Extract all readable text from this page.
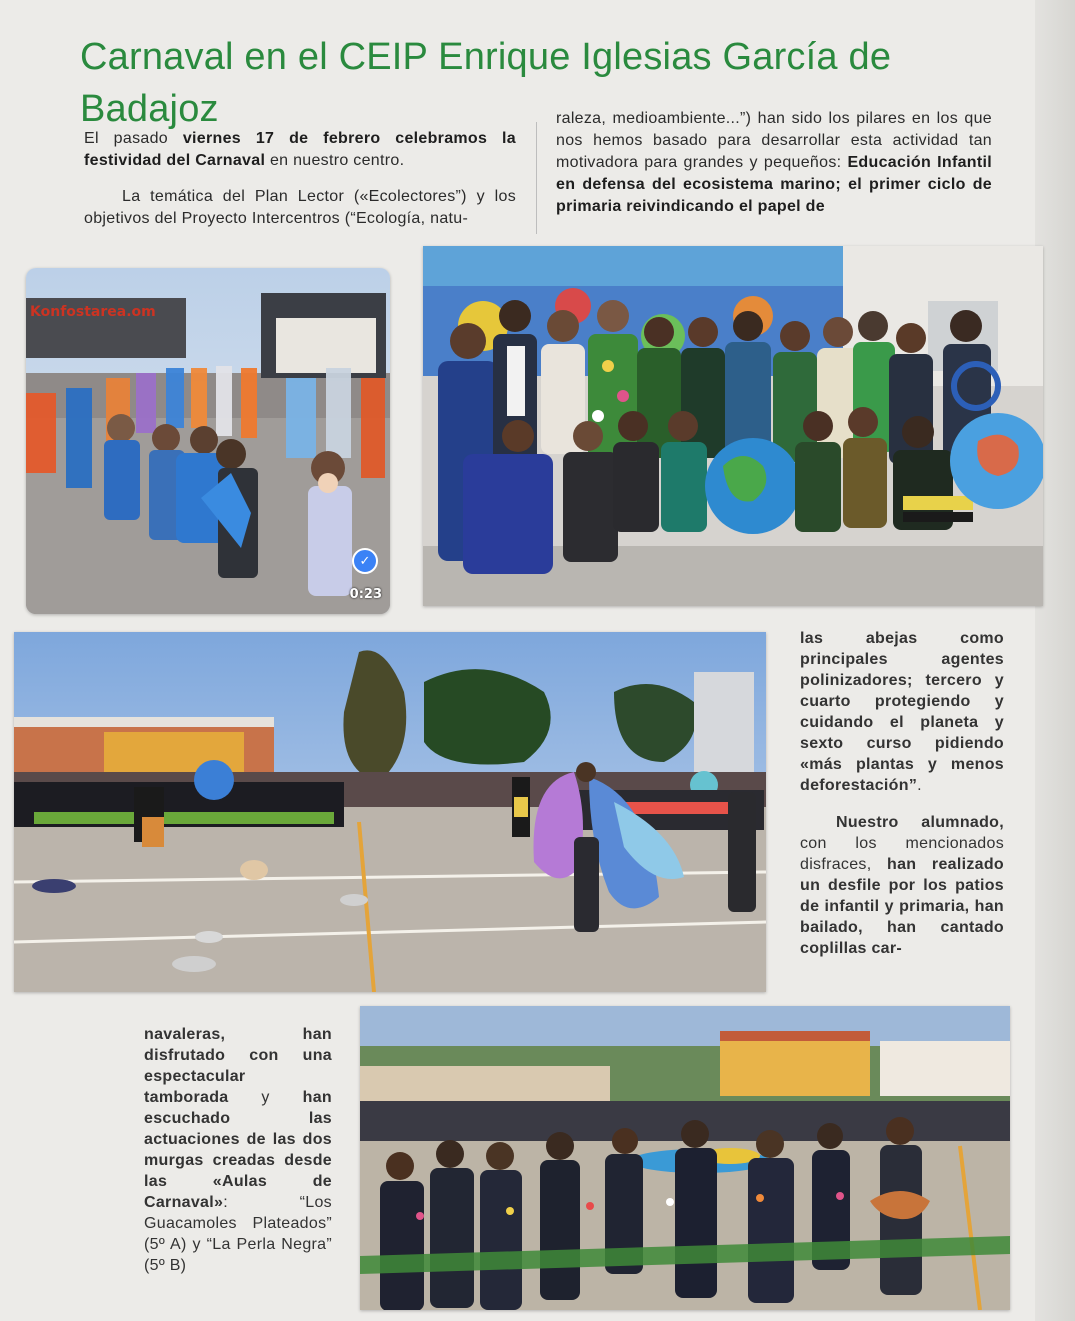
Carnaval en el CEIP Enrique Iglesias García de Badajoz

El pasado viernes 17 de febrero celebramos la festividad del Carnaval en nuestro centro.

La temática del Plan Lector («Ecolectores”) y los objetivos del Proyecto Intercentros (“Ecología, natu-

raleza, medioambiente...”) han sido los pilares en los que nos hemos basado para desarrollar esta actividad tan motivadora para grandes y pequeños: Educación Infantil en defensa del ecosistema marino; el primer ciclo de primaria reivindicando el papel de

Konfostarea.om
✓
0:23

las abejas como principales agentes polinizadores; tercero y cuarto protegiendo y cuidando el planeta y sexto curso pidiendo «más plantas y menos deforestación”.

Nuestro alumnado, con los mencionados disfraces, han realizado un desfile por los patios de infantil y primaria, han bailado, han cantado coplillas car-

navaleras, han disfrutado con una espectacular tamborada y han escuchado las actuaciones de las dos murgas creadas desde las «Aulas de Carnaval»: “Los Guacamoles Plateados” (5º A) y “La Perla Negra” (5º B)
